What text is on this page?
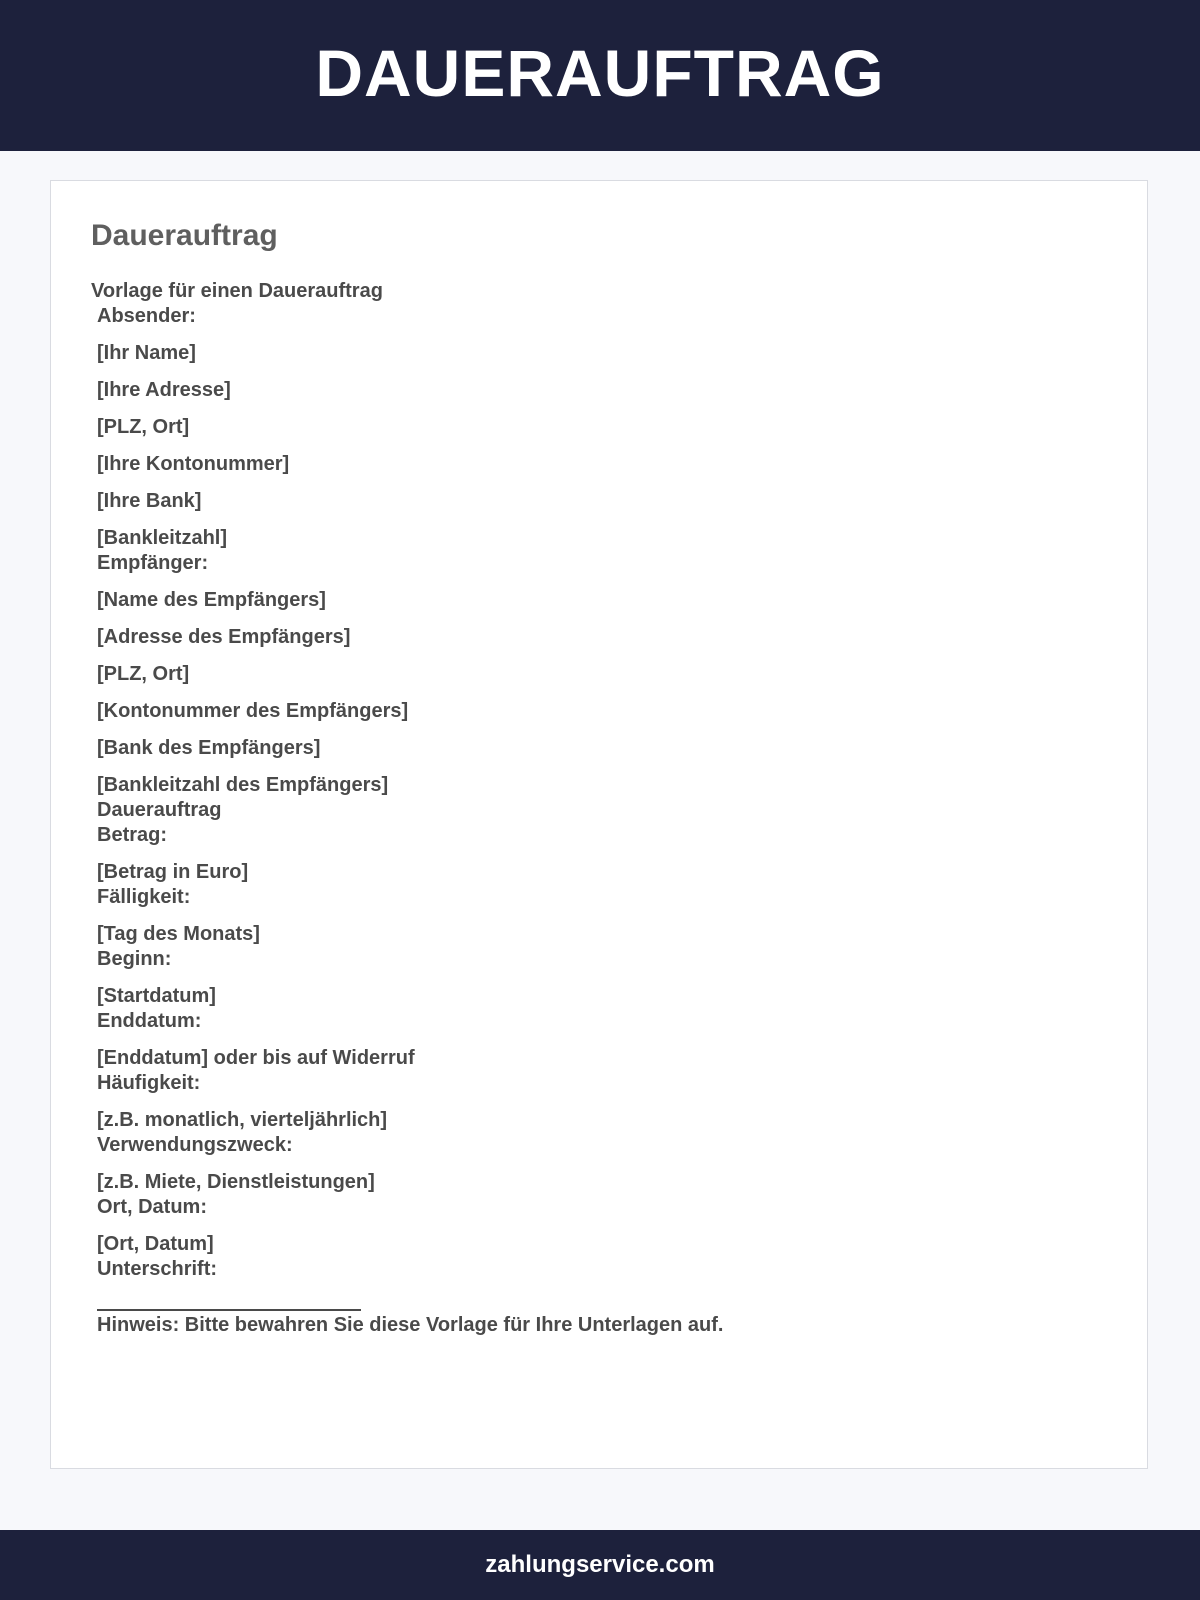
DAUERAUFTRAG
Dauerauftrag

Vorlage für einen Dauerauftrag

Absender:

[Ihr Name]

[Ihre Adresse]

[PLZ, Ort]

[Ihre Kontonummer]

[Ihre Bank]

[Bankleitzahl]

Empfänger:

[Name des Empfängers]

[Adresse des Empfängers]

[PLZ, Ort]

[Kontonummer des Empfängers]

[Bank des Empfängers]

[Bankleitzahl des Empfängers]

Dauerauftrag

Betrag:

[Betrag in Euro]

Fälligkeit:

[Tag des Monats]

Beginn:

[Startdatum]

Enddatum:

[Enddatum] oder bis auf Widerruf

Häufigkeit:

[z.B. monatlich, vierteljährlich]

Verwendungszweck:

[z.B. Miete, Dienstleistungen]

Ort, Datum:

[Ort, Datum]

Unterschrift:

Hinweis: Bitte bewahren Sie diese Vorlage für Ihre Unterlagen auf.

zahlungservice.com
